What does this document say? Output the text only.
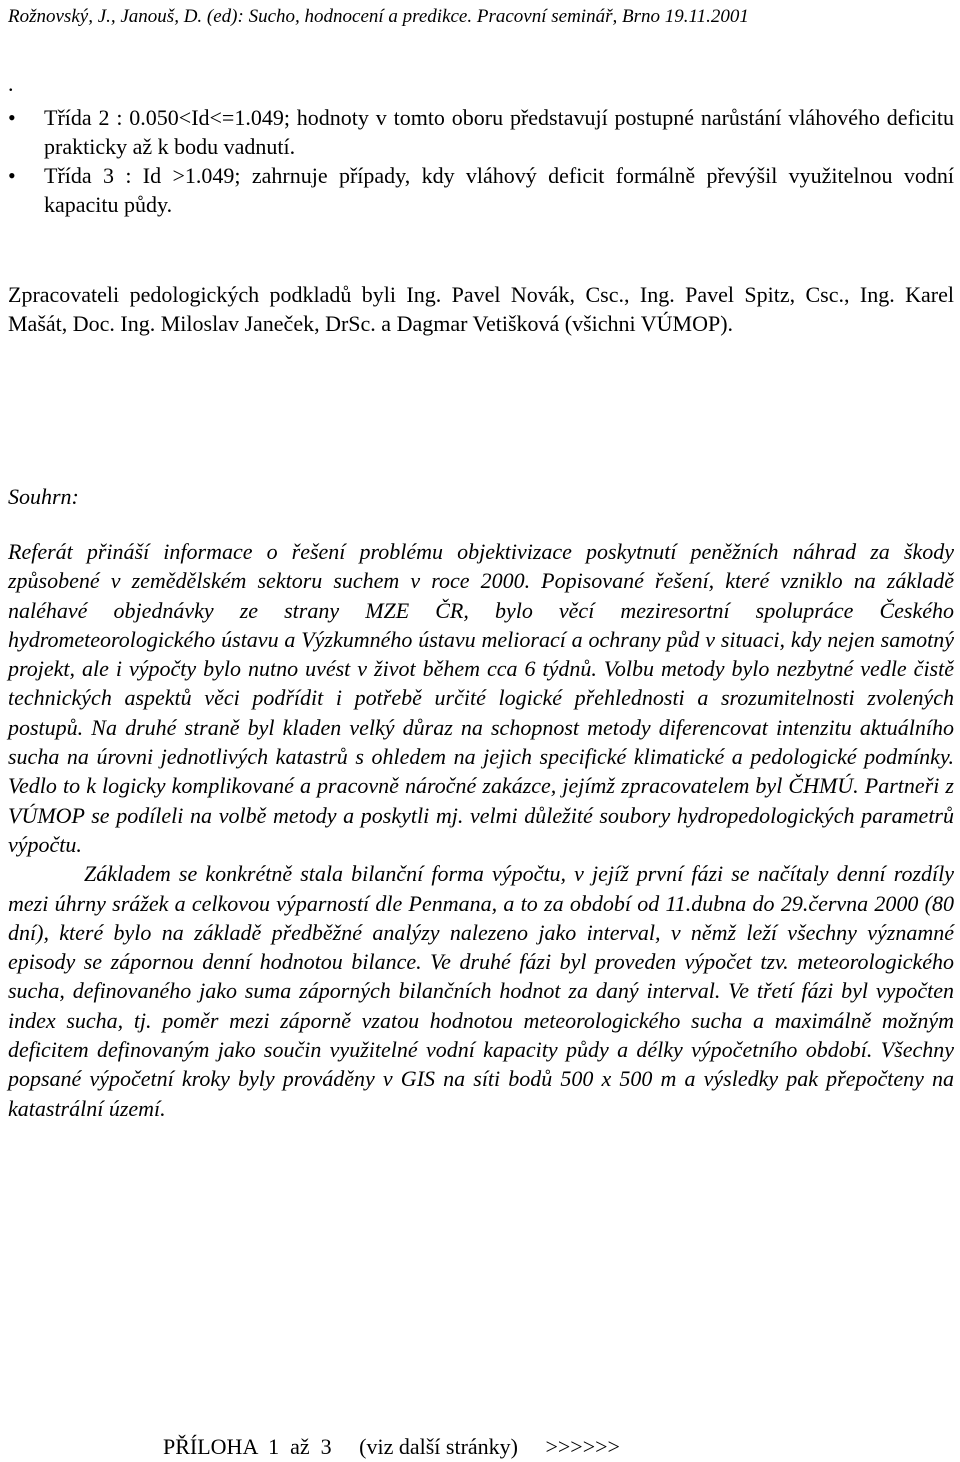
Rožnovský, J., Janouš, D. (ed): Sucho, hodnocení a predikce. Pracovní seminář, Brno 19.11.2001
.
• Třída 2 : 0.050<Id<=1.049; hodnoty v tomto oboru představují postupné narůstání vláhového deficitu prakticky až k bodu vadnutí.
• Třída 3 : Id >1.049; zahrnuje případy, kdy vláhový deficit formálně převýšil využitelnou vodní kapacitu půdy.
Zpracovateli pedologických podkladů byli Ing. Pavel Novák, Csc., Ing. Pavel Spitz, Csc., Ing. Karel Mašát, Doc. Ing. Miloslav Janeček, DrSc. a Dagmar Vetišková (všichni VÚMOP).
Souhrn:

Referát přináší informace o řešení problému objektivizace poskytnutí peněžních náhrad za škody způsobené v zemědělském sektoru suchem v roce 2000. Popisované řešení, které vzniklo na základě naléhavé objednávky ze strany MZE ČR, bylo věcí meziresortní spolupráce Českého hydrometeorologického ústavu a Výzkumného ústavu meliorací a ochrany půd v situaci, kdy nejen samotný projekt, ale i výpočty bylo nutno uvést v život během cca 6 týdnů. Volbu metody bylo nezbytné vedle čistě technických aspektů věci podřídit i potřebě určité logické přehlednosti a srozumitelnosti zvolených postupů. Na druhé straně byl kladen velký důraz na schopnost metody diferencovat intenzitu aktuálního sucha na úrovni jednotlivých katastrů s ohledem na jejich specifické klimatické a pedologické podmínky. Vedlo to k logicky komplikované a pracovně náročné zakázce, jejímž zpracovatelem byl ČHMÚ. Partneři z VÚMOP se podíleli na volbě metody a poskytli mj. velmi důležité soubory hydropedologických parametrů výpočtu.

Základem se konkrétně stala bilanční forma výpočtu, v jejíž první fázi se načítaly denní rozdíly mezi úhrny srážek a celkovou výparností dle Penmana, a to za období od 11.dubna do 29.června 2000 (80 dní), které bylo na základě předběžné analýzy nalezeno jako interval, v němž leží všechny významné episody se zápornou denní hodnotou bilance. Ve druhé fázi byl proveden výpočet tzv. meteorologického sucha, definovaného jako suma záporných bilančních hodnot za daný interval. Ve třetí fázi byl vypočten index sucha, tj. poměr mezi záporně vzatou hodnotou meteorologického sucha a maximálně možným deficitem definovaným jako součin využitelné vodní kapacity půdy a délky výpočetního období. Všechny popsané výpočetní kroky byly prováděny v GIS na síti bodů 500 x 500 m a výsledky pak přepočteny na katastrální území.

PŘÍLOHA  1  až  3     (viz další stránky)     >>>>>>
